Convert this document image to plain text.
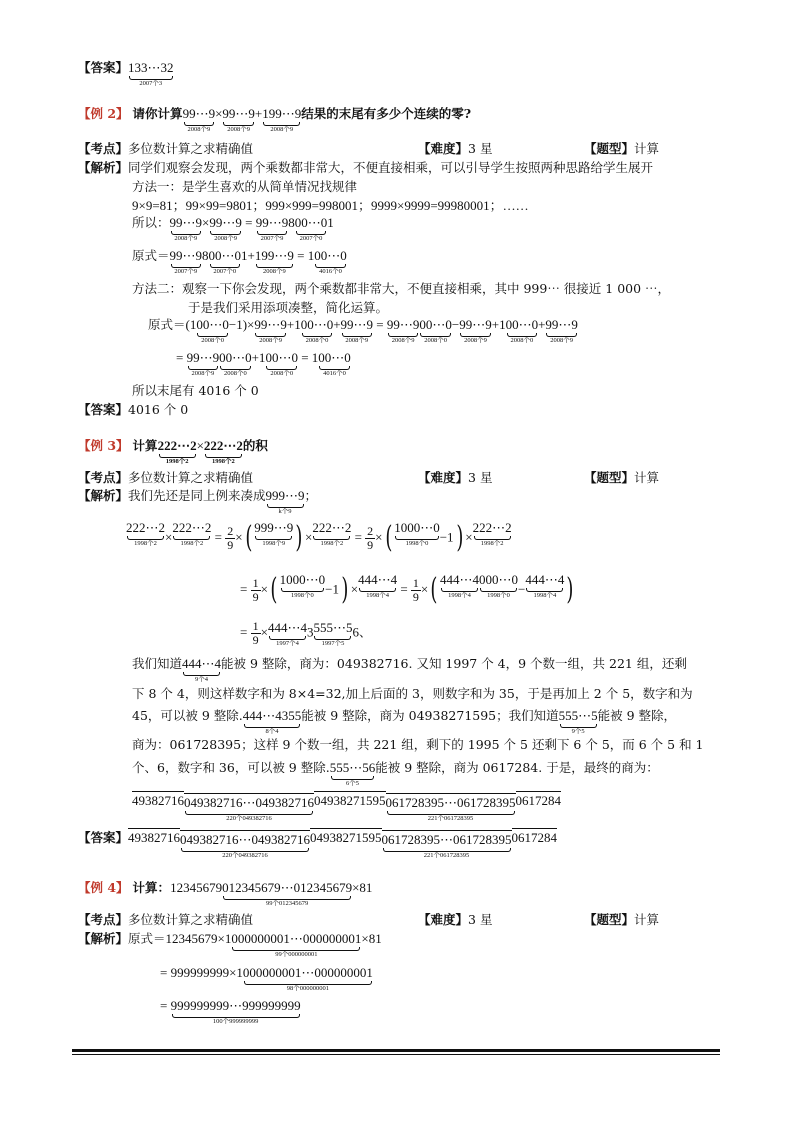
【答案】 133⋯32
2007个3
【例 2】 请你计算 99⋯9
2008个9
× 99⋯9
2008个9
+ 199⋯9
2008个9
结果的末尾有多少个连续的零?
【考点】多位数计算之求精确值	【难度】3 星	【题型】计算
【解析】同学们观察会发现，两个乘数都非常大，不便直接相乘，可以引导学生按照两种思路给学生展开
方法一：是学生喜欢的从简单情况找规律
9×9=81；99×99=9801；999×999=998001；9999×9999=99980001；……
所以： 99⋯9
2008个9
× 99⋯9
2008个9
= 99⋯9
2007个9
8 00⋯0
2007个0
1
原式＝ 99⋯9
2007个9
8 00⋯0
2007个0
1+ 199⋯9
2008个9
= 1 00⋯0
4016个0
方法二：观察一下你会发现，两个乘数都非常大，不便直接相乘，其中 999⋯ 很接近 1 000 ⋯，
于是我们采用添项凑整，简化运算。
原式＝(1 00⋯0
2008个0
−1)× 99⋯9
2008个9
+1 00⋯0
2008个0
+ 99⋯9
2008个9
= 99⋯9
2008个9
00⋯0
2008个0
− 99⋯9
2008个9
+1 00⋯0
2008个0
+ 99⋯9
2008个9
= 99⋯9
2008个9
00⋯0
2008个0
+1 00⋯0
2008个0
= 1 00⋯0
4016个0
所以末尾有 4016 个 0
【答案】4016 个 0
【例 3】 计算 222⋯2
1998个2
× 222⋯2
1998个2
的积
【考点】多位数计算之求精确值	【难度】3 星	【题型】计算
【解析】我们先还是同上例来凑成 999⋯9
k个9
；
222⋯2
1998个2 ×
222⋯2
1998个$2 = \frac{2}{9}$ ×( 999⋯9
1998个9 ) ×
222⋯2
1998个$2 = \frac{2}{9}$ ×( 1000⋯0
1998个0 −1) ×
222⋯2
1998个2
= $\frac{1}{9}$ ×( 1000⋯0
1998个0 −1) ×
444⋯4
1998个$4 = \frac{1}{9}$ ×( 444⋯4
1998个4
000⋯0
1998个0 −
444⋯4
1998个4 )
= $\frac{1}{9}$ × 444⋯4
1997个4
3 555⋯5
1997个5
6、
我们知道 444⋯4
9个4
能被 9 整除，商为：049382716. 又知 1997 个 4，9 个数一组，共 221 组，还剩
下 8 个 4，则这样数字和为 8×4=32,加上后面的 3，则数字和为 35，于是再加上 2 个 5，数字和为
45，可以被 9 整除. 444⋯4355
8个4
能被 9 整除，商为 04938271595；我们知道 555⋯5
9个5
能被 9 整除，
商为：061728395；这样 9 个数一组，共 221 组，剩下的 1995 个 5 还剩下 6 个 5，而 6 个 5 和 1
个、6，数字和 36，可以被 9 整除. 555⋯56
6个5
能被 9 整除，商为 0617284. 于是，最终的商为：
49382716 049382716⋯049382716
220个049382716
04938271595 061728395⋯061728395
221个061728395
0617284
【答案】49382716 049382716⋯049382716
220个049382716
04938271595 061728395⋯061728395
221个061728395
0617284
【例 4】 计算：12345679 012345679⋯012345679
99个012345679
×81
【考点】多位数计算之求精确值	【难度】3 星	【题型】计算
【解析】原式＝12345679×1 000000001⋯000000001
99个000000001
×81
= 999999999×1 000000001⋯000000001
98个000000001
= 999999999⋯999999999
100个999999999
